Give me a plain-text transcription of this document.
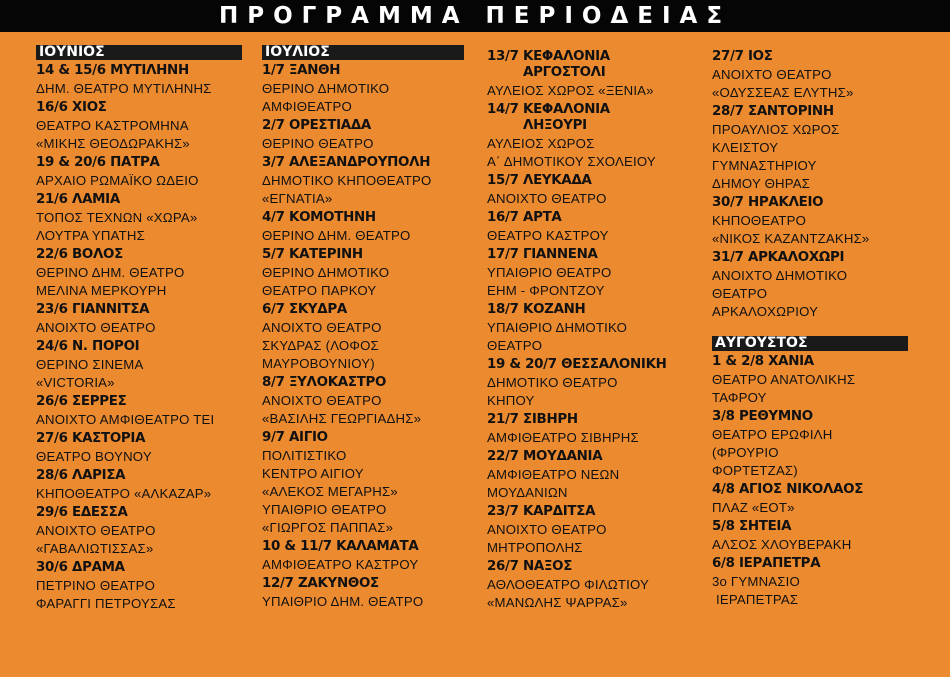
ΠΡΟΓΡΑΜΜΑ ΠΕΡΙΟΔΕΙΑΣ
ΙΟΥΝΙΟΣ
14 & 15/6 ΜΥΤΙΛΗΝΗ
ΔΗΜ. ΘΕΑΤΡΟ ΜΥΤΙΛΗΝΗΣ
16/6 ΧΙΟΣ
ΘΕΑΤΡΟ ΚΑΣΤΡΟΜΗΝΑ
«ΜΙΚΗΣ ΘΕΟΔΩΡΑΚΗΣ»
19 & 20/6 ΠΑΤΡΑ
ΑΡΧΑΙΟ ΡΩΜΑΪΚΟ ΩΔΕΙΟ
21/6 ΛΑΜΙΑ
ΤΟΠΟΣ ΤΕΧΝΩΝ «ΧΩΡΑ»
ΛΟΥΤΡΑ ΥΠΑΤΗΣ
22/6 ΒΟΛΟΣ
ΘΕΡΙΝΟ ΔΗΜ. ΘΕΑΤΡΟ
ΜΕΛΙΝΑ ΜΕΡΚΟΥΡΗ
23/6 ΓΙΑΝΝΙΤΣΑ
ΑΝΟΙΧΤΟ ΘΕΑΤΡΟ
24/6 Ν. ΠΟΡΟΙ
ΘΕΡΙΝΟ ΣΙΝΕΜΑ
«VICTORIA»
26/6 ΣΕΡΡΕΣ
ΑΝΟΙΧΤΟ ΑΜΦΙΘΕΑΤΡΟ ΤΕΙ
27/6 ΚΑΣΤΟΡΙΑ
ΘΕΑΤΡΟ ΒΟΥΝΟΥ
28/6 ΛΑΡΙΣΑ
ΚΗΠΟΘΕΑΤΡΟ «ΑΛΚΑΖΑΡ»
29/6 ΕΔΕΣΣΑ
ΑΝΟΙΧΤΟ ΘΕΑΤΡΟ
«ΓΑΒΑΛΙΩΤΙΣΣΑΣ»
30/6 ΔΡΑΜΑ
ΠΕΤΡΙΝΟ ΘΕΑΤΡΟ
ΦΑΡΑΓΓΙ ΠΕΤΡΟΥΣΑΣ
ΙΟΥΛΙΟΣ
1/7 ΞΑΝΘΗ
ΘΕΡΙΝΟ ΔΗΜΟΤΙΚΟ
ΑΜΦΙΘΕΑΤΡΟ
2/7 ΟΡΕΣΤΙΑΔΑ
ΘΕΡΙΝΟ ΘΕΑΤΡΟ
3/7 ΑΛΕΞΑΝΔΡΟΥΠΟΛΗ
ΔΗΜΟΤΙΚΟ ΚΗΠΟΘΕΑΤΡΟ
«ΕΓΝΑΤΙΑ»
4/7 ΚΟΜΟΤΗΝΗ
ΘΕΡΙΝΟ ΔΗΜ. ΘΕΑΤΡΟ
5/7 ΚΑΤΕΡΙΝΗ
ΘΕΡΙΝΟ ΔΗΜΟΤΙΚΟ
ΘΕΑΤΡΟ ΠΑΡΚΟΥ
6/7 ΣΚΥΔΡΑ
ΑΝΟΙΧΤΟ ΘΕΑΤΡΟ
ΣΚΥΔΡΑΣ (ΛΟΦΟΣ
ΜΑΥΡΟΒΟΥΝΙΟΥ)
8/7 ΞΥΛΟΚΑΣΤΡΟ
ΑΝΟΙΧΤΟ ΘΕΑΤΡΟ
«ΒΑΣΙΛΗΣ ΓΕΩΡΓΙΑΔΗΣ»
9/7 ΑΙΓΙΟ
ΠΟΛΙΤΙΣΤΙΚΟ
ΚΕΝΤΡΟ ΑΙΓΙΟΥ
«ΑΛΕΚΟΣ ΜΕΓΑΡΗΣ»
ΥΠΑΙΘΡΙΟ ΘΕΑΤΡΟ
«ΓΙΩΡΓΟΣ ΠΑΠΠΑΣ»
10 & 11/7 ΚΑΛΑΜΑΤΑ
ΑΜΦΙΘΕΑΤΡΟ ΚΑΣΤΡΟΥ
12/7 ΖΑΚΥΝΘΟΣ
ΥΠΑΙΘΡΙΟ ΔΗΜ. ΘΕΑΤΡΟ
13/7 ΚΕΦΑΛΟΝΙΑ
ΑΡΓΟΣΤΟΛΙ
ΑΥΛΕΙΟΣ ΧΩΡΟΣ «ΞΕΝΙΑ»
14/7 ΚΕΦΑΛΟΝΙΑ
ΛΗΞΟΥΡΙ
ΑΥΛΕΙΟΣ ΧΩΡΟΣ
Α΄ ΔΗΜΟΤΙΚΟΥ ΣΧΟΛΕΙΟΥ
15/7 ΛΕΥΚΑΔΑ
ΑΝΟΙΧΤΟ ΘΕΑΤΡΟ
16/7 ΑΡΤΑ
ΘΕΑΤΡΟ ΚΑΣΤΡΟΥ
17/7 ΓΙΑΝΝΕΝΑ
ΥΠΑΙΘΡΙΟ ΘΕΑΤΡΟ
ΕΗΜ - ΦΡΟΝΤΖΟΥ
18/7 ΚΟΖΑΝΗ
ΥΠΑΙΘΡΙΟ ΔΗΜΟΤΙΚΟ
ΘΕΑΤΡΟ
19 & 20/7 ΘΕΣΣΑΛΟΝΙΚΗ
ΔΗΜΟΤΙΚΟ ΘΕΑΤΡΟ
ΚΗΠΟΥ
21/7 ΣΙΒΗΡΗ
ΑΜΦΙΘΕΑΤΡΟ ΣΙΒΗΡΗΣ
22/7 ΜΟΥΔΑΝΙΑ
ΑΜΦΙΘΕΑΤΡΟ ΝΕΩΝ
ΜΟΥΔΑΝΙΩΝ
23/7 ΚΑΡΔΙΤΣΑ
ΑΝΟΙΧΤΟ ΘΕΑΤΡΟ
ΜΗΤΡΟΠΟΛΗΣ
26/7 ΝΑΞΟΣ
ΑΘΛΟΘΕΑΤΡΟ ΦΙΛΩΤΙΟΥ
«ΜΑΝΩΛΗΣ ΨΑΡΡΑΣ»
27/7 ΙΟΣ
ΑΝΟΙΧΤΟ ΘΕΑΤΡΟ
«ΟΔΥΣΣΕΑΣ ΕΛΥΤΗΣ»
28/7 ΣΑΝΤΟΡΙΝΗ
ΠΡΟΑΥΛΙΟΣ ΧΩΡΟΣ
ΚΛΕΙΣΤΟΥ
ΓΥΜΝΑΣΤΗΡΙΟΥ
ΔΗΜΟΥ ΘΗΡΑΣ
30/7 ΗΡΑΚΛΕΙΟ
ΚΗΠΟΘΕΑΤΡΟ
«ΝΙΚΟΣ ΚΑΖΑΝΤΖΑΚΗΣ»
31/7 ΑΡΚΑΛΟΧΩΡΙ
ΑΝΟΙΧΤΟ ΔΗΜΟΤΙΚΟ
ΘΕΑΤΡΟ
ΑΡΚΑΛΟΧΩΡΙΟΥ
ΑΥΓΟΥΣΤΟΣ
1 & 2/8 ΧΑΝΙΑ
ΘΕΑΤΡΟ ΑΝΑΤΟΛΙΚΗΣ
ΤΑΦΡΟΥ
3/8 ΡΕΘΥΜΝΟ
ΘΕΑΤΡΟ ΕΡΩΦΙΛΗ
(ΦΡΟΥΡΙΟ
ΦΟΡΤΕΤΖΑΣ)
4/8 ΑΓΙΟΣ ΝΙΚΟΛΑΟΣ
ΠΛΑΖ «ΕΟΤ»
5/8 ΣΗΤΕΙΑ
ΑΛΣΟΣ ΧΛΟΥΒΕΡΑΚΗ
6/8 ΙΕΡΑΠΕΤΡΑ
3ο ΓΥΜΝΑΣΙΟ
ΙΕΡΑΠΕΤΡΑΣ
